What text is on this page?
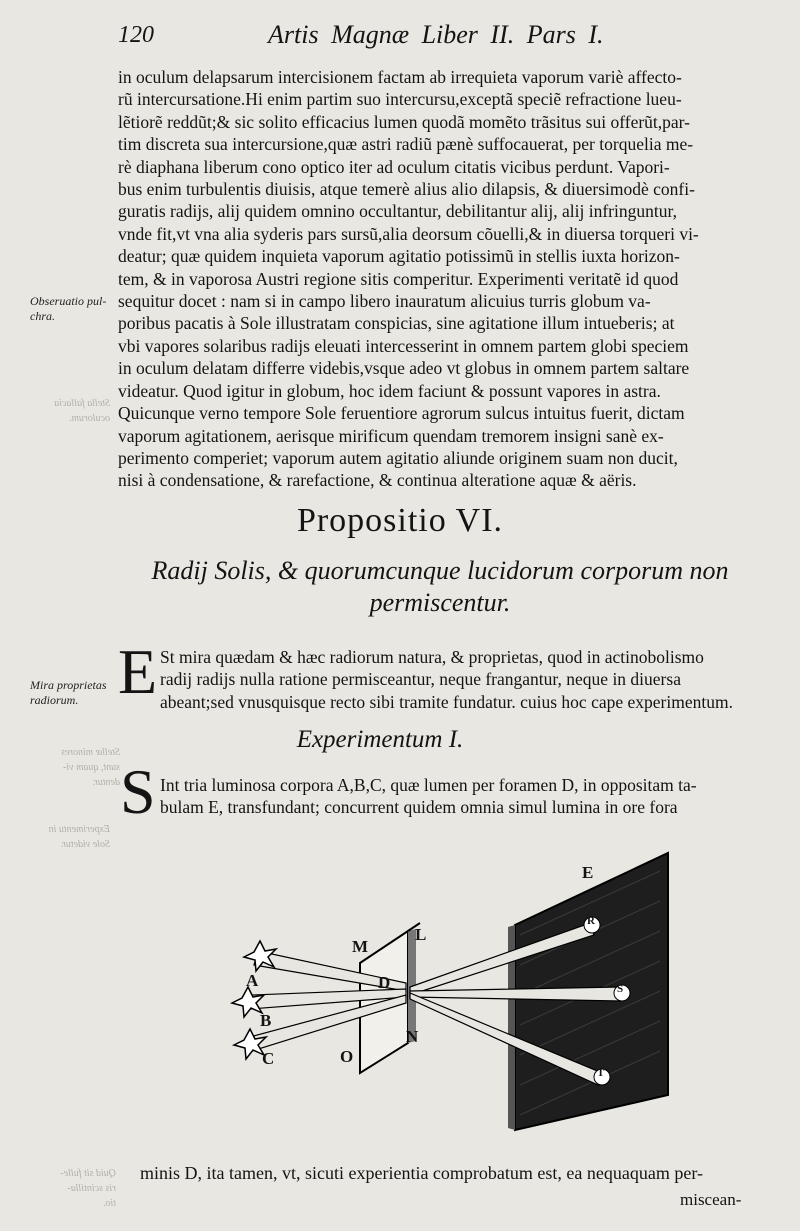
120	Artis Magnæ Liber II. Pars I.
in oculum delapsarum intercisionem factam ab irrequieta vaporum variè affecto-
rũ intercursatione.Hi enim partim suo intercursu,exceptã speciẽ refractione lueu-
lẽtiorẽ reddũt;& sic solito efficacius lumen quodã momẽto trãsitus sui offerũt,par-
tim discreta sua intercursione,quæ astri radiũ pænè suffocauerat, per torquelia me-
rè diaphana liberum cono optico iter ad oculum citatis vicibus perdunt. Vapori-
bus enim turbulentis diuisis, atque temerè alius alio dilapsis, & diuersimodè confi-
guratis radijs, alij quidem omnino occultantur, debilitantur alij, alij infringuntur,
vnde fit,vt vna alia syderis pars sursũ,alia deorsum cõuelli,& in diuersa torqueri vi-
deatur; quæ quidem inquieta vaporum agitatio potissimũ in stellis iuxta horizon-
tem, & in vaporosa Austri regione sitis comperitur. Experimenti veritatẽ id quod
sequitur docet : nam si in campo libero inauratum alicuius turris globum va-
poribus pacatis à Sole illustratam conspicias, sine agitatione illum intueberis; at
vbi vapores solaribus radijs eleuati intercesserint in omnem partem globi speciem
in oculum delatam differre videbis,vsque adeo vt globus in omnem partem saltare
videatur. Quod igitur in globum, hoc idem faciunt & possunt vapores in astra.
Quicunque verno tempore Sole feruentiore agrorum sulcus intuitus fuerit, dictam
vaporum agitationem, aerisque mirificum quendam tremorem insigni sanè ex-
perimento comperiet; vaporum autem agitatio aliunde originem suam non ducit,
nisi à condensatione, & rarefactione, & continua alteratione aquæ & aëris.
Obseruatio pul-
chra.
Stella fallacia
oculorum.
Mira proprietas
radiorum.
Stellæ minores
sunt, quam vi-
dentur.
Experimentu in
Sole videtur.
Quid sit fulle-
ris scintilla-
tio.
Propositio VI.
Radij Solis, & quorumcunque lucidorum corporum non
permiscentur.
E St mira quædam & hæc radiorum natura, & proprietas, quod in actinobolismo
radij radijs nulla ratione permisceantur, neque frangantur, neque in diuersa
abeant;sed vnusquisque recto sibi tramite fundatur. cuius hoc cape experimentum.
Experimentum I.
S Int tria luminosa corpora A,B,C, quæ lumen per foramen D, in oppositam ta-
bulam E, transfundant; concurrent quidem omnia simul lumina in ore fora
E
M
L
D
N
O
A
B
C
R
S
T
minis D, ita tamen, vt, sicuti experientia comprobatum est, ea nequaquam per-
miscean-
